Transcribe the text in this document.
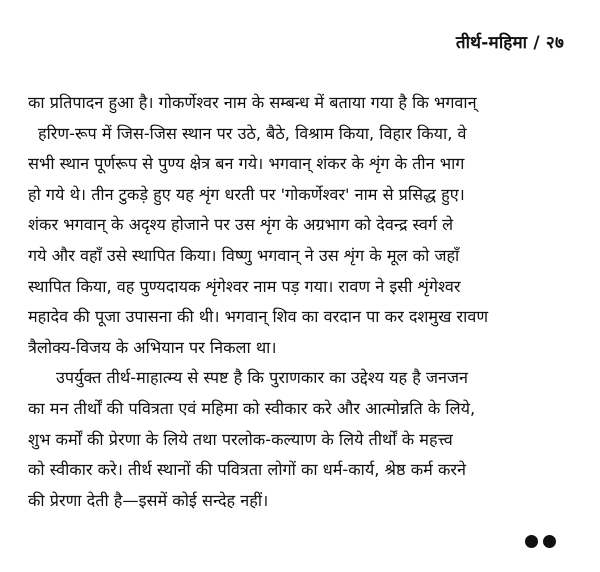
तीर्थ-महिमा / २७
का प्रतिपादन हुआ है। गोकर्णेश्वर नाम के सम्बन्ध में बताया गया है कि भगवान्
हरिण-रूप में जिस-जिस स्थान पर उठे, बैठे, विश्राम किया, विहार किया, वे
सभी स्थान पूर्णरूप से पुण्य क्षेत्र बन गये। भगवान् शंकर के शृंग के तीन भाग
हो गये थे। तीन टुकड़े हुए यह शृंग धरती पर 'गोकर्णेश्वर' नाम से प्रसिद्ध हुए।
शंकर भगवान् के अदृश्य होजाने पर उस शृंग के अग्रभाग को देवन्द्र स्वर्ग ले
गये और वहाँ उसे स्थापित किया। विष्णु भगवान् ने उस शृंग के मूल को जहाँ
स्थापित किया, वह पुण्यदायक शृंगेश्वर नाम पड़ गया। रावण ने इसी शृंगेश्वर
महादेव की पूजा उपासना की थी। भगवान् शिव का वरदान पा कर दशमुख रावण
त्रैलोक्य-विजय के अभियान पर निकला था।
उपर्युक्त तीर्थ-माहात्म्य से स्पष्ट है कि पुराणकार का उद्देश्य यह है जनजन
का मन तीर्थों की पवित्रता एवं महिमा को स्वीकार करे और आत्मोन्नति के लिये,
शुभ कर्मों की प्रेरणा के लिये तथा परलोक-कल्याण के लिये तीर्थों के महत्त्व
को स्वीकार करे। तीर्थ स्थानों की पवित्रता लोगों का धर्म-कार्य, श्रेष्ठ कर्म करने
की प्रेरणा देती है—इसमें कोई सन्देह नहीं।
